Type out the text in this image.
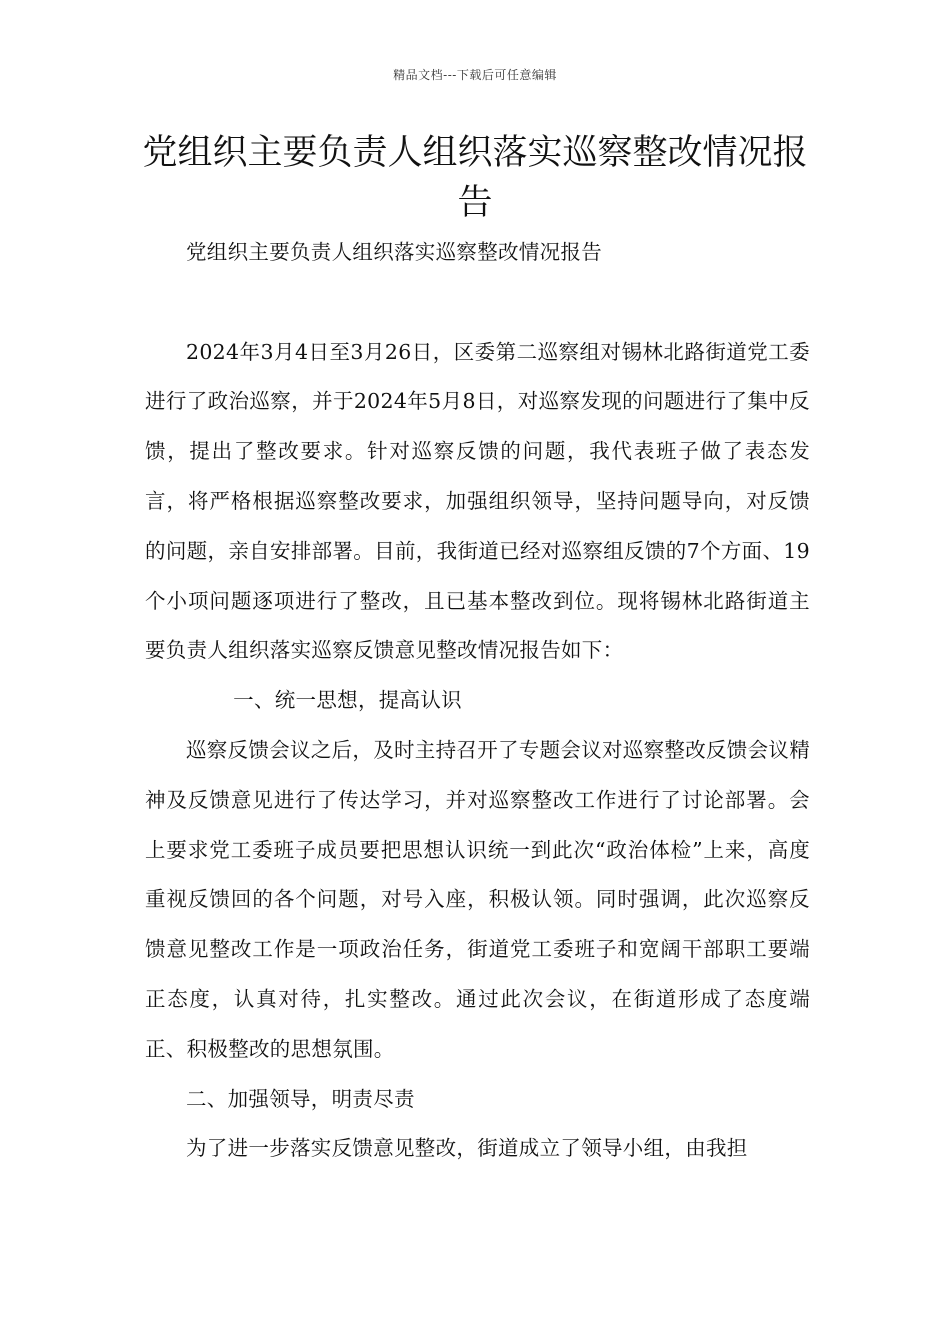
精品文档---下载后可任意编辑
党组织主要负责人组织落实巡察整改情况报告

党组织主要负责人组织落实巡察整改情况报告

2024年3月4日至3月26日，区委第二巡察组对锡林北路街道党工委进行了政治巡察，并于2024年5月8日，对巡察发现的问题进行了集中反馈，提出了整改要求。针对巡察反馈的问题，我代表班子做了表态发言，将严格根据巡察整改要求，加强组织领导，坚持问题导向，对反馈的问题，亲自安排部署。目前，我街道已经对巡察组反馈的7个方面、19个小项问题逐项进行了整改，且已基本整改到位。现将锡林北路街道主要负责人组织落实巡察反馈意见整改情况报告如下：

一、统一思想，提高认识

巡察反馈会议之后，及时主持召开了专题会议对巡察整改反馈会议精神及反馈意见进行了传达学习，并对巡察整改工作进行了讨论部署。会上要求党工委班子成员要把思想认识统一到此次“政治体检”上来，高度重视反馈回的各个问题，对号入座，积极认领。同时强调，此次巡察反馈意见整改工作是一项政治任务，街道党工委班子和宽阔干部职工要端正态度，认真对待，扎实整改。通过此次会议，在街道形成了态度端正、积极整改的思想氛围。

二、加强领导，明责尽责

为了进一步落实反馈意见整改，街道成立了领导小组，由我担
